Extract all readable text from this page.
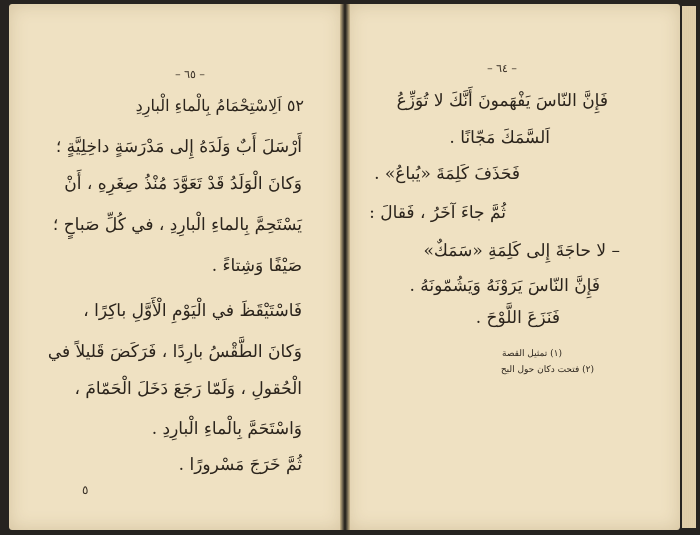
– ٦٥ –
٥٢ اَلِاسْتِحْمَامُ بِالْماءِ الْبارِدِ
أَرْسَلَ أَبٌ وَلَدَهُ إِلى مَدْرَسَةٍ داخِلِيَّةٍ ؛
وَكانَ الْوَلَدُ قَدْ تَعَوَّدَ مُنْذُ صِغَرِهِ ، أَنْ
يَسْتَحِمَّ بِالماءِ الْبارِدِ ، في كُلِّ صَباحٍ ؛
صَيْفًا وَشِتاءً .
فَاسْتَيْقَظَ في الْيَوْمِ الْأَوَّلِ باكِرًا ،
وَكانَ الطَّقْسُ بارِدًا ، فَرَكَضَ قَليلاً في
الْحُقولِ ، وَلَمّا رَجَعَ دَخَلَ الْحَمّامَ ،
وَاسْتَحَمَّ بِالْماءِ الْبارِدِ .
ثُمَّ خَرَجَ مَسْرورًا .
٥
– ٦٤ –
فَإِنَّ النّاسَ يَفْهَمونَ أَنَّكَ لا تُوَزِّعُ
اَلسَّمَكَ مَجّانًا .
فَحَذَفَ كَلِمَةَ «يُباعُ» .
ثُمَّ جاءَ آخَرُ ، فَقالَ :
– لا حاجَةَ إِلى كَلِمَةِ «سَمَكٌ»
فَإِنَّ النّاسَ يَرَوْنَهُ وَيَشُمّونَهُ .
فَنَزَعَ اللَّوْحَ .
(١) تمثيل القصة
(٢) فتحت دكان حول البح
